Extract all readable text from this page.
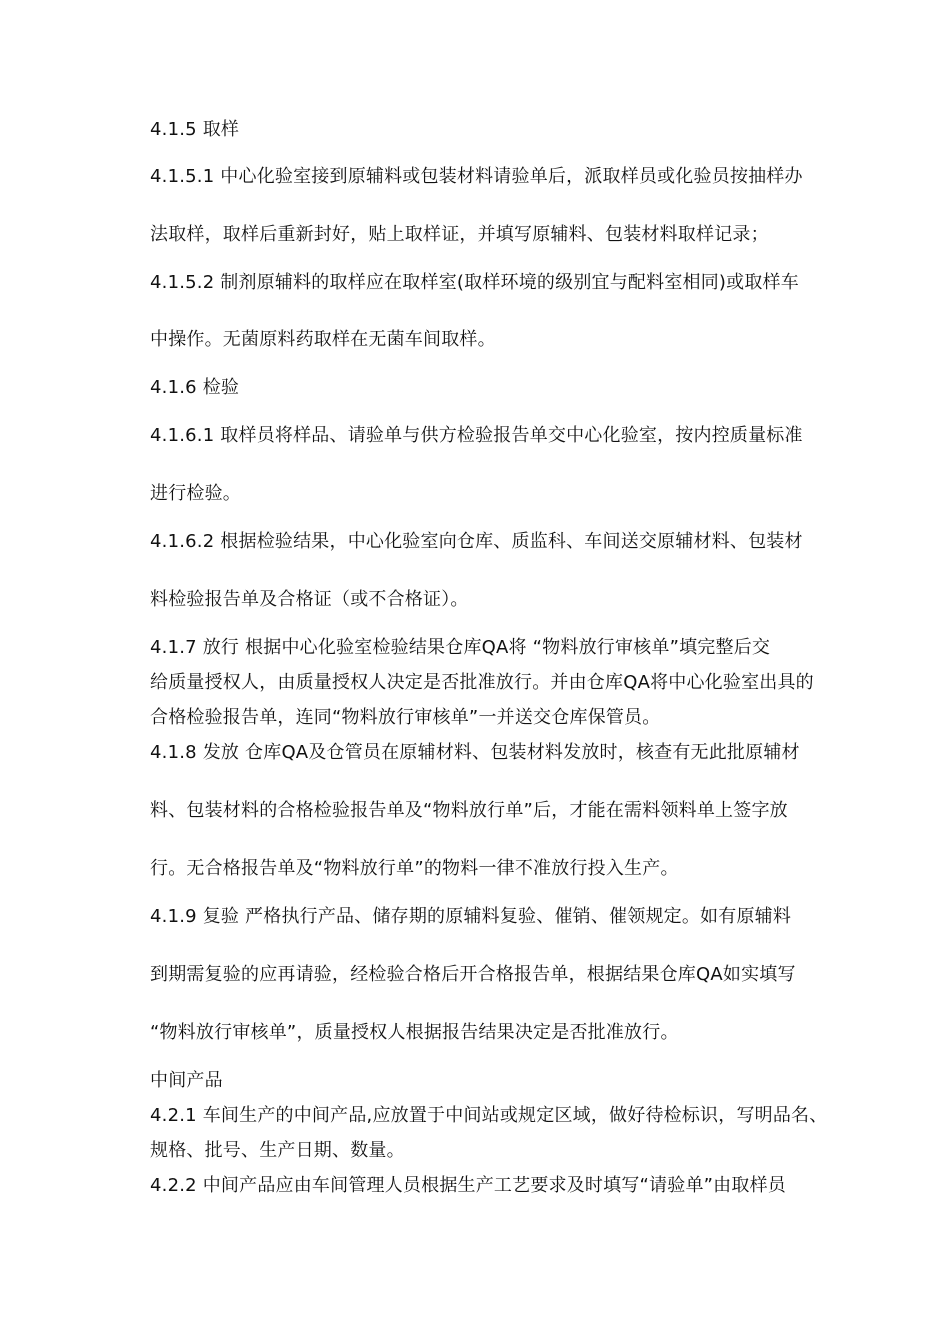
4.1.5 取样
4.1.5.1 中心化验室接到原辅料或包装材料请验单后，派取样员或化验员按抽样办
法取样，取样后重新封好，贴上取样证，并填写原辅料、包装材料取样记录；
4.1.5.2 制剂原辅料的取样应在取样室(取样环境的级别宜与配料室相同)或取样车
中操作。无菌原料药取样在无菌车间取样。
4.1.6 检验
4.1.6.1 取样员将样品、请验单与供方检验报告单交中心化验室，按内控质量标准
进行检验。
4.1.6.2 根据检验结果，中心化验室向仓库、质监科、车间送交原辅材料、包装材
料检验报告单及合格证（或不合格证）。
4.1.7 放行 根据中心化验室检验结果仓库QA将 “物料放行审核单”填完整后交
给质量授权人，由质量授权人决定是否批准放行。并由仓库QA将中心化验室出具的
合格检验报告单，连同“物料放行审核单”一并送交仓库保管员。
4.1.8 发放 仓库QA及仓管员在原辅材料、包装材料发放时，核查有无此批原辅材
料、包装材料的合格检验报告单及“物料放行单”后，才能在需料领料单上签字放
行。无合格报告单及“物料放行单”的物料一律不准放行投入生产。
4.1.9 复验 严格执行产品、储存期的原辅料复验、催销、催领规定。如有原辅料
到期需复验的应再请验，经检验合格后开合格报告单，根据结果仓库QA如实填写
“物料放行审核单”，质量授权人根据报告结果决定是否批准放行。
中间产品
4.2.1 车间生产的中间产品,应放置于中间站或规定区域，做好待检标识，写明品名、
规格、批号、生产日期、数量。
4.2.2 中间产品应由车间管理人员根据生产工艺要求及时填写“请验单”由取样员
